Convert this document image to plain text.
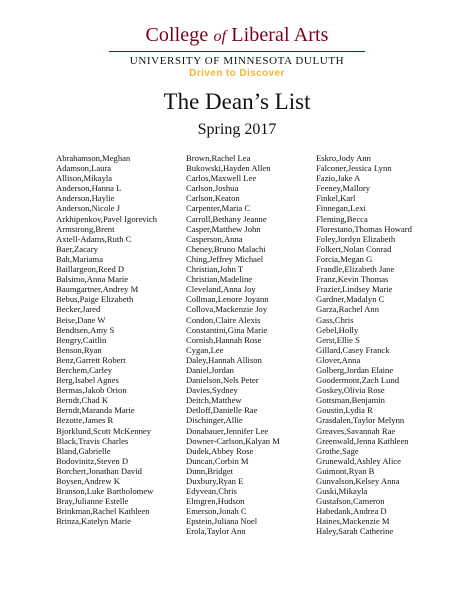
College of Liberal Arts
UNIVERSITY OF MINNESOTA DULUTH
Driven to Discover
The Dean’s List
Spring 2017
Abrahamson,Meghan
Adamson,Laura
Allison,Mikayla
Anderson,Hanna L
Anderson,Haylie
Anderson,Nicole J
Arkhipenkov,Pavel Igorevich
Armstrong,Brent
Axtell-Adams,Ruth C
Baer,Zacary
Bah,Mariama
Baillargeon,Reed D
Balsimo,Anna Marie
Baumgartner,Andrey M
Bebus,Paige Elizabeth
Becker,Jared
Beise,Dane W
Bendtsen,Amy S
Bengry,Caitlin
Benson,Ryan
Benz,Garrett Robert
Berchem,Carley
Berg,Isabel Agnes
Bermas,Jakob Orion
Berndt,Chad K
Berndt,Maranda Marie
Bezotte,James R
Bjorklund,Scott McKenney
Black,Travis Charles
Bland,Gabrielle
Bodovinitz,Steven D
Borchert,Jonathan David
Boysen,Andrew K
Branson,Luke Bartholomew
Bray,Julianne Estelle
Brinkman,Rachel Kathleen
Brinza,Katelyn Marie
Brown,Rachel Lea
Bukowski,Hayden Allen
Carlos,Maxwell Lee
Carlson,Joshua
Carlson,Keaton
Carpenter,Maria C
Carroll,Bethany Jeanne
Casper,Matthew John
Casperson,Anna
Cheney,Bruno Malachi
Ching,Jeffrey Michael
Christian,John T
Christian,Madeline
Cleveland,Anna Joy
Collman,Lenore Joyann
Collova,Mackenzie Joy
Condon,Claire Alexis
Constantini,Gina Marie
Cornish,Hannah Rose
Cygan,Lee
Daley,Hannah Allison
Daniel,Jordan
Danielson,Nels Peter
Davies,Sydney
Deitch,Matthew
Detloff,Danielle Rae
Dischinger,Allie
Donabauer,Jennifer Lee
Downer-Carlson,Kalyan M
Dudek,Abbey Rose
Duncan,Corbin M
Dunn,Bridget
Duxbury,Ryan E
Edyvean,Chris
Elmgren,Hudson
Emerson,Jonah C
Epstein,Juliana Noel
Erola,Taylor Ann
Eskro,Jody Ann
Falconer,Jessica Lynn
Fazio,Jake A
Feeney,Mallory
Finkel,Karl
Finnegan,Lexi
Fleming,Becca
Florestano,Thomas Howard
Foley,Jordyn Elizabeth
Folkert,Nolan Conrad
Forcia,Megan G
Frandle,Elizabeth Jane
Franz,Kevin Thomas
Frazier,Lindsey Marie
Gardner,Madalyn C
Garza,Rachel Ann
Gass,Chris
Gebel,Holly
Gerst,Ellie S
Gillard,Casey Franck
Glover,Anna
Golberg,Jordan Elaine
Goodermont,Zach Lund
Goskey,Olivia Rose
Gottsman,Benjamin
Goustin,Lydia R
Grasdalen,Taylor Melynn
Greaves,Savannah Rae
Greenwald,Jenna Kathleen
Grothe,Sage
Grunewald,Ashley Alice
Guimont,Ryan B
Gunvalson,Kelsey Anna
Guski,Mikayla
Gustafson,Cameron
Habedank,Andrea D
Haines,Mackenzie M
Haley,Sarah Catherine
